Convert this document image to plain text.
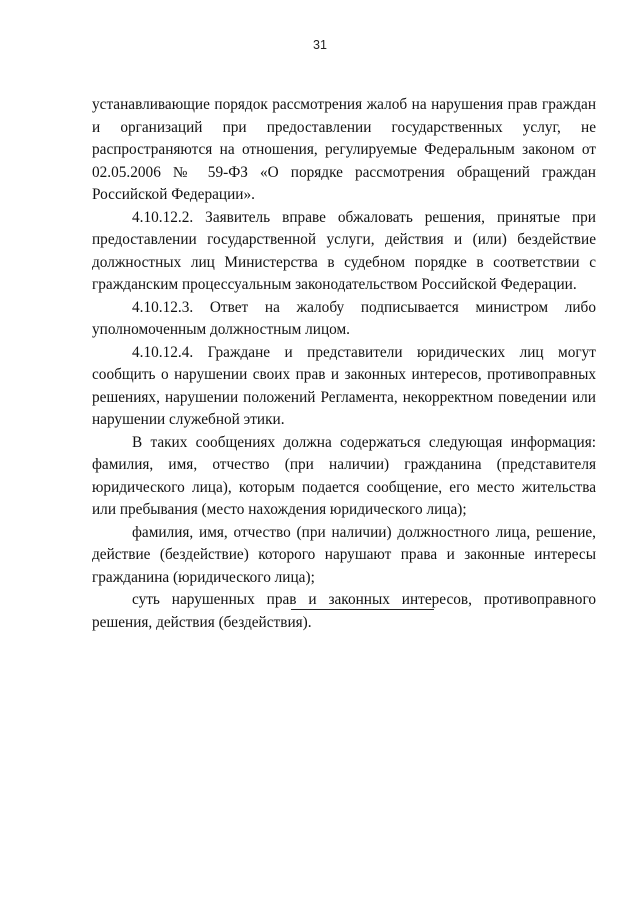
31

устанавливающие порядок рассмотрения жалоб на нарушения прав граждан и организаций при предоставлении государственных услуг, не распространяются на отношения, регулируемые Федеральным законом от 02.05.2006 № 59-ФЗ «О порядке рассмотрения обращений граждан Российской Федерации».

4.10.12.2. Заявитель вправе обжаловать решения, принятые при предоставлении государственной услуги, действия и (или) бездействие должностных лиц Министерства в судебном порядке в соответствии с гражданским процессуальным законодательством Российской Федерации.

4.10.12.3. Ответ на жалобу подписывается министром либо уполномоченным должностным лицом.

4.10.12.4. Граждане и представители юридических лиц могут сообщить о нарушении своих прав и законных интересов, противоправных решениях, нарушении положений Регламента, некорректном поведении или нарушении служебной этики.

В таких сообщениях должна содержаться следующая информация: фамилия, имя, отчество (при наличии) гражданина (представителя юридического лица), которым подается сообщение, его место жительства или пребывания (место нахождения юридического лица);

фамилия, имя, отчество (при наличии) должностного лица, решение, действие (бездействие) которого нарушают права и законные интересы гражданина (юридического лица);

суть нарушенных прав и законных интересов, противоправного решения, действия (бездействия).
